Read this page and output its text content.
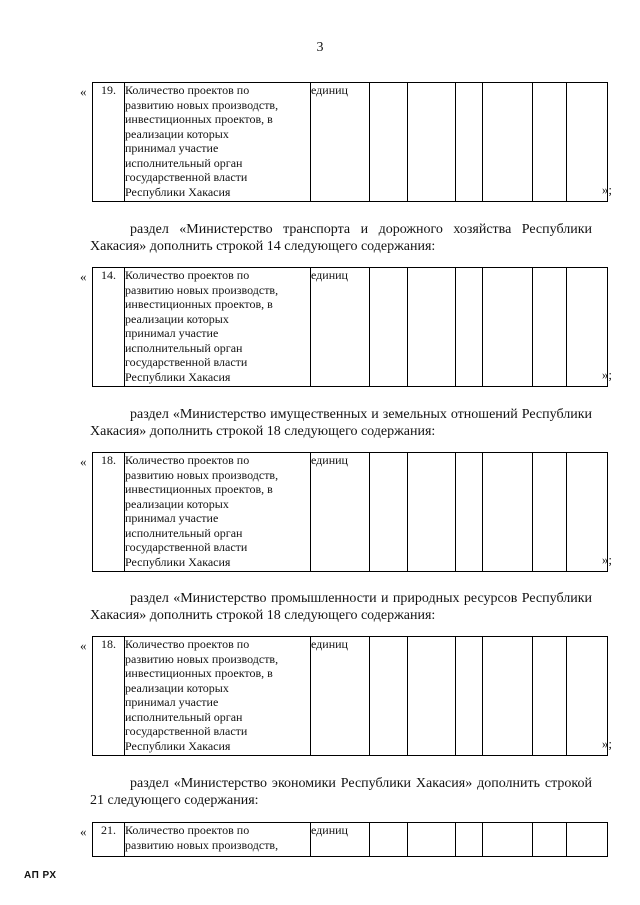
3
« 19.	Количество проектов по
развитию новых производств,
инвестиционных проектов, в
реализации которых
принимал участие
исполнительный орган
государственной власти
Республики Хакасия
	единиц						
»;
раздел «Министерство транспорта и дорожного хозяйства Республики
Хакасия» дополнить строкой 14 следующего содержания:
« 14.	Количество проектов по
развитию новых производств,
инвестиционных проектов, в
реализации которых
принимал участие
исполнительный орган
государственной власти
Республики Хакасия
	единиц						
»;
раздел «Министерство имущественных и земельных отношений Республики
Хакасия» дополнить строкой 18 следующего содержания:
« 18.	Количество проектов по
развитию новых производств,
инвестиционных проектов, в
реализации которых
принимал участие
исполнительный орган
государственной власти
Республики Хакасия
	единиц						
»;
раздел «Министерство промышленности и природных ресурсов Республики
Хакасия» дополнить строкой 18 следующего содержания:
« 18.	Количество проектов по
развитию новых производств,
инвестиционных проектов, в
реализации которых
принимал участие
исполнительный орган
государственной власти
Республики Хакасия
	единиц						
»;
раздел «Министерство экономики Республики Хакасия» дополнить строкой
21 следующего содержания:
« 21.	Количество проектов по
развитию новых производств,
	единиц						
АП РХ
